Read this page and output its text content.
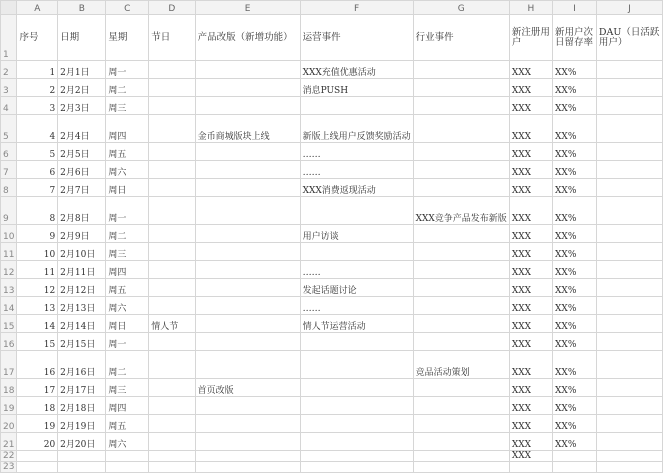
	A	B	C	D	E	F	G	H	I	J
1	序号	日期	星期	节日	产品改版（新增功能）	运营事件	行业事件	新注册用户	新用户次日留存率	DAU（日活跃用户）
2	1	2月1日	周一			XXX充值优惠活动		XXX	XX%	
3	2	2月2日	周二			消息PUSH		XXX	XX%	
4	3	2月3日	周三					XXX	XX%	
5	4	2月4日	周四		金币商城版块上线	新版上线用户反馈奖励活动		XXX	XX%	
6	5	2月5日	周五			……		XXX	XX%	
7	6	2月6日	周六			……		XXX	XX%	
8	7	2月7日	周日			XXX消费返现活动		XXX	XX%	
9	8	2月8日	周一				XXX竞争产品发布新版	XXX	XX%	
10	9	2月9日	周二			用户访谈		XXX	XX%	
11	10	2月10日	周三					XXX	XX%	
12	11	2月11日	周四			……		XXX	XX%	
13	12	2月12日	周五			发起话题讨论		XXX	XX%	
14	13	2月13日	周六			……		XXX	XX%	
15	14	2月14日	周日	情人节		情人节运营活动		XXX	XX%	
16	15	2月15日	周一					XXX	XX%	
17	16	2月16日	周二				竞品活动策划	XXX	XX%	
18	17	2月17日	周三		首页改版			XXX	XX%	
19	18	2月18日	周四					XXX	XX%	
20	19	2月19日	周五					XXX	XX%	
21	20	2月20日	周六					XXX	XX%	
22								XXX		
23										
